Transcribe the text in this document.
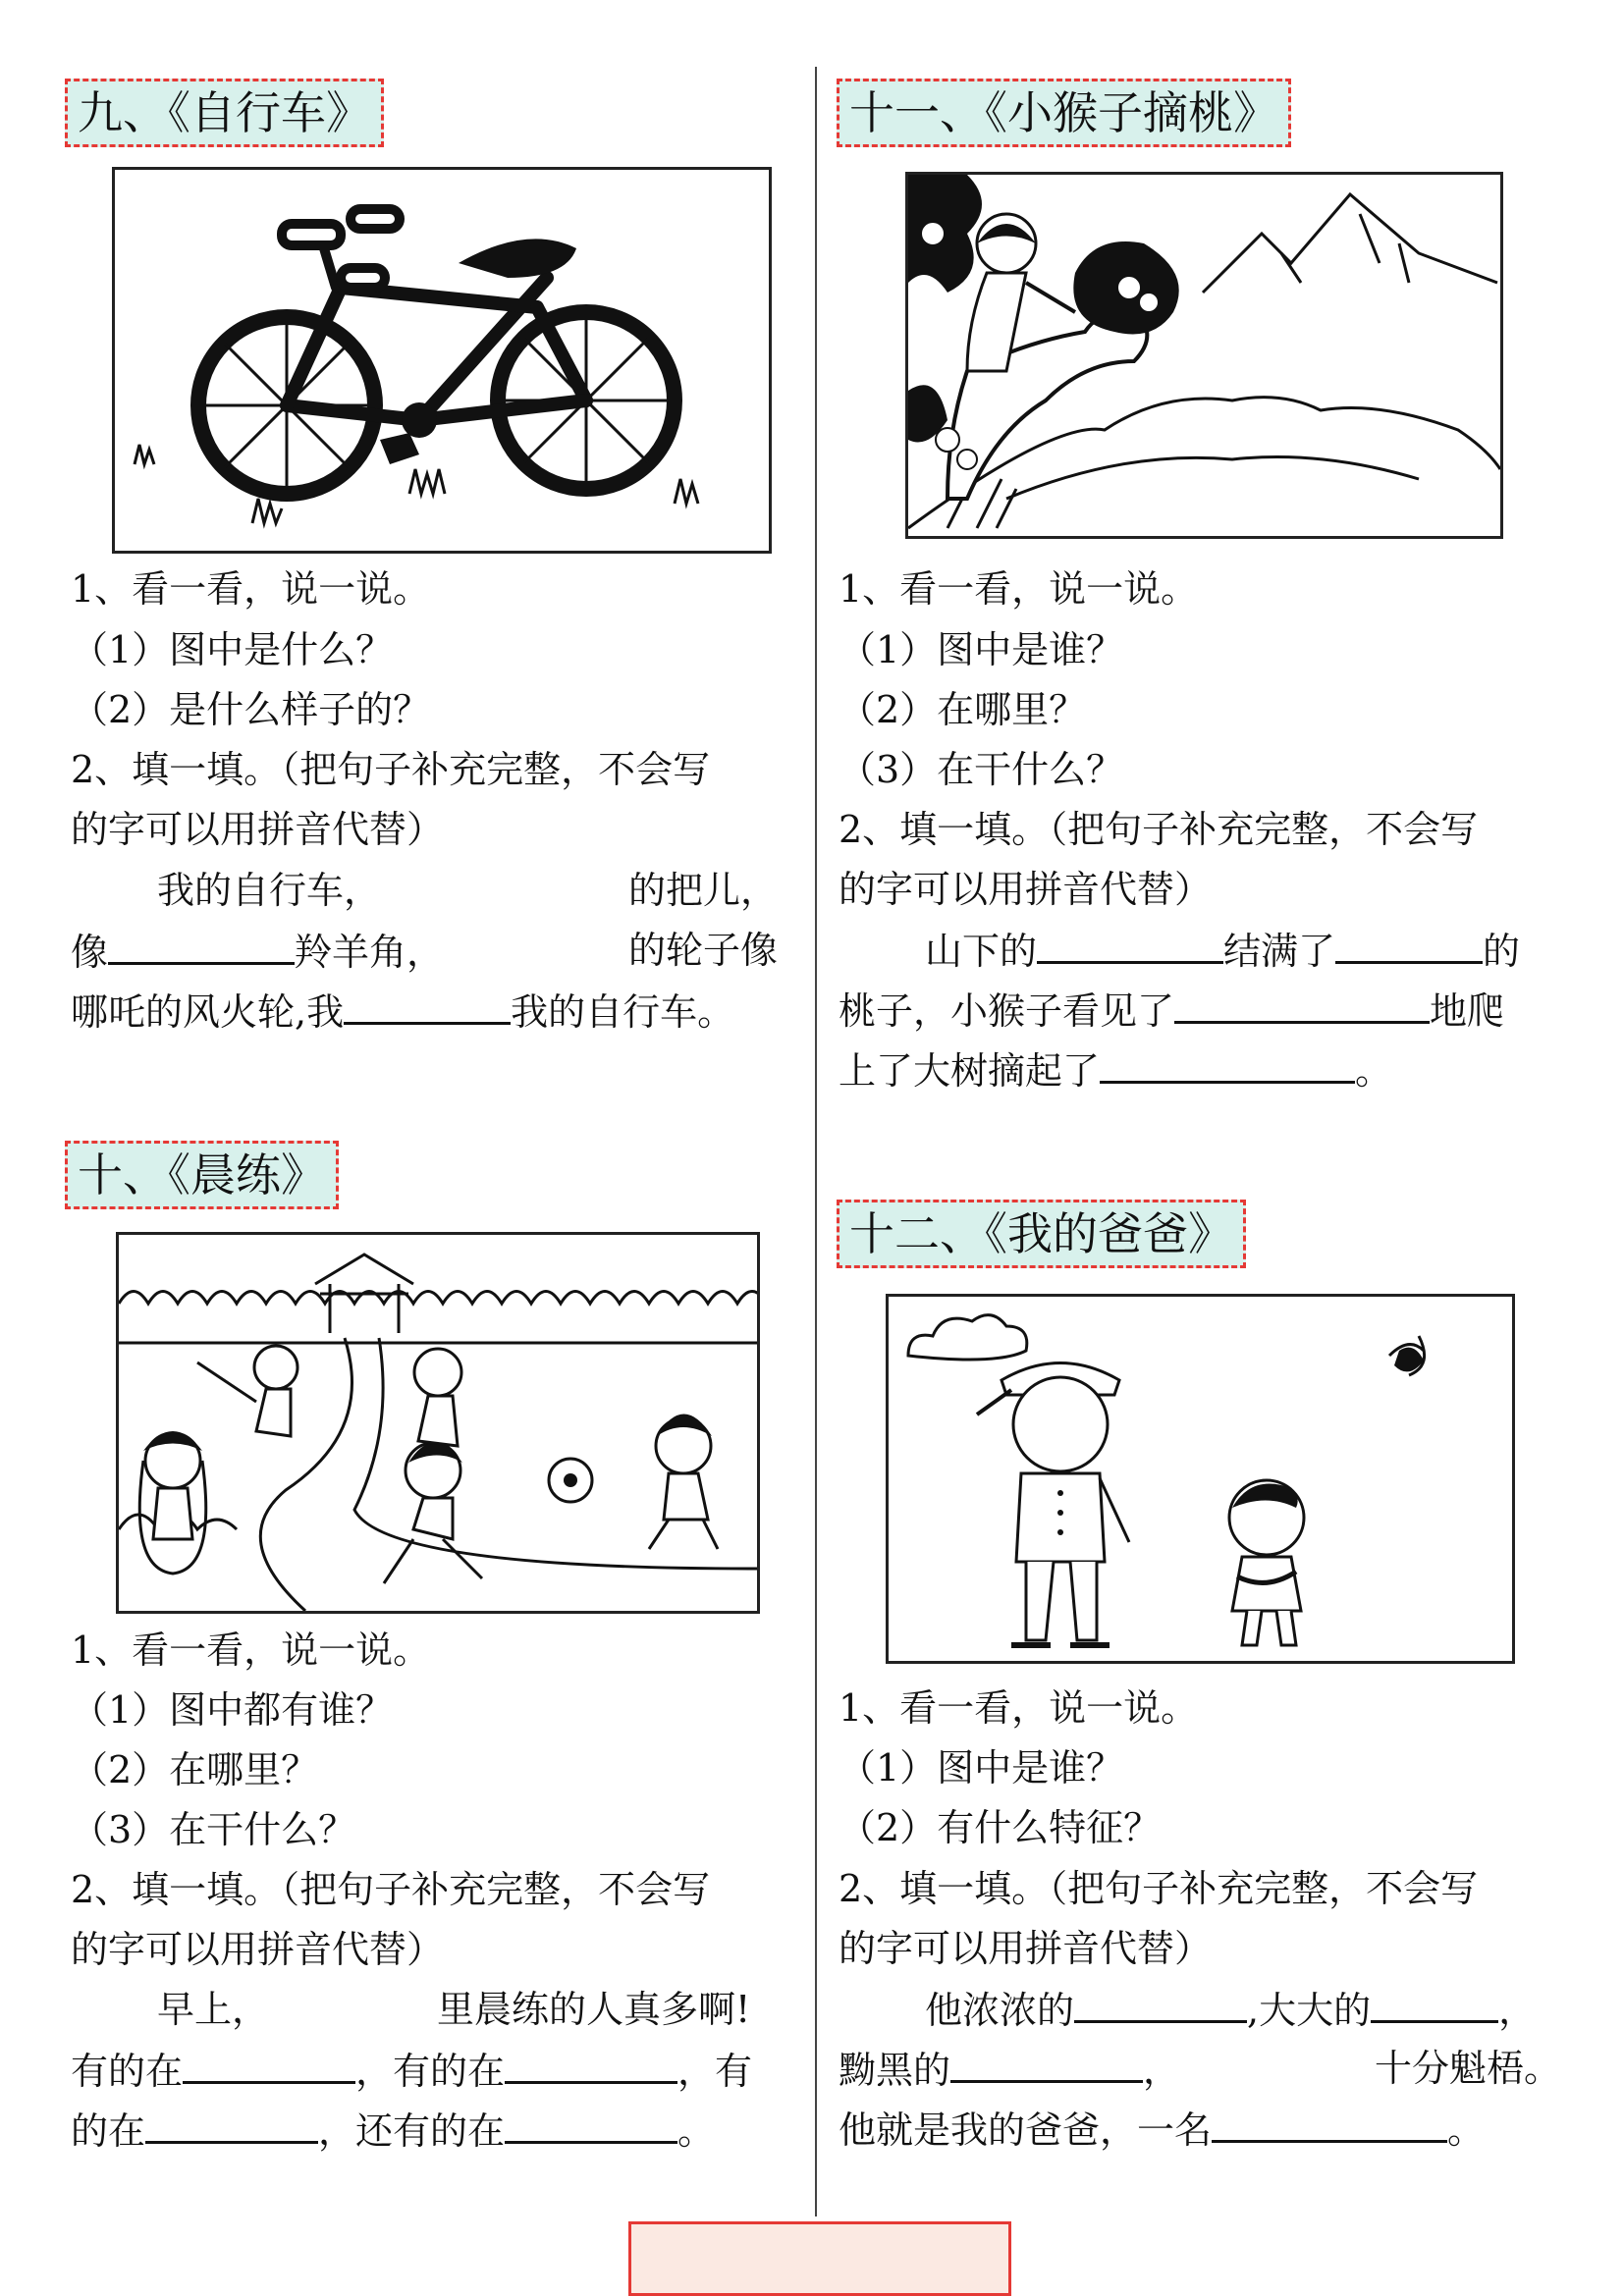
九、《自行车》
1、看一看，说一说。
（1）图中是什么？
（2）是什么样子的？
2、填一填。（把句子补充完整，不会写
的字可以用拼音代替）
我的自行车，	的把儿，
像	羚羊角，	的轮子像
哪吒的风火轮,我	我的自行车。
十、《晨练》
1、看一看，说一说。
（1）图中都有谁？
（2）在哪里？
（3）在干什么？
2、填一填。（把句子补充完整，不会写
的字可以用拼音代替）
早上，	里晨练的人真多啊!
有的在	，有的在	，有
的在	，还有的在	。
十一、《小猴子摘桃》
1、看一看，说一说。
（1）图中是谁？
（2）在哪里？
（3）在干什么？
2、填一填。（把句子补充完整，不会写
的字可以用拼音代替）
山下的	结满了	的
桃子，小猴子看见了	地爬
上了大树摘起了	。
十二、《我的爸爸》
1、看一看，说一说。
（1）图中是谁？
（2）有什么特征？
2、填一填。（把句子补充完整，不会写
的字可以用拼音代替）
他浓浓的	,大大的	，
黝黑的	，	十分魁梧。
他就是我的爸爸，一名	。
